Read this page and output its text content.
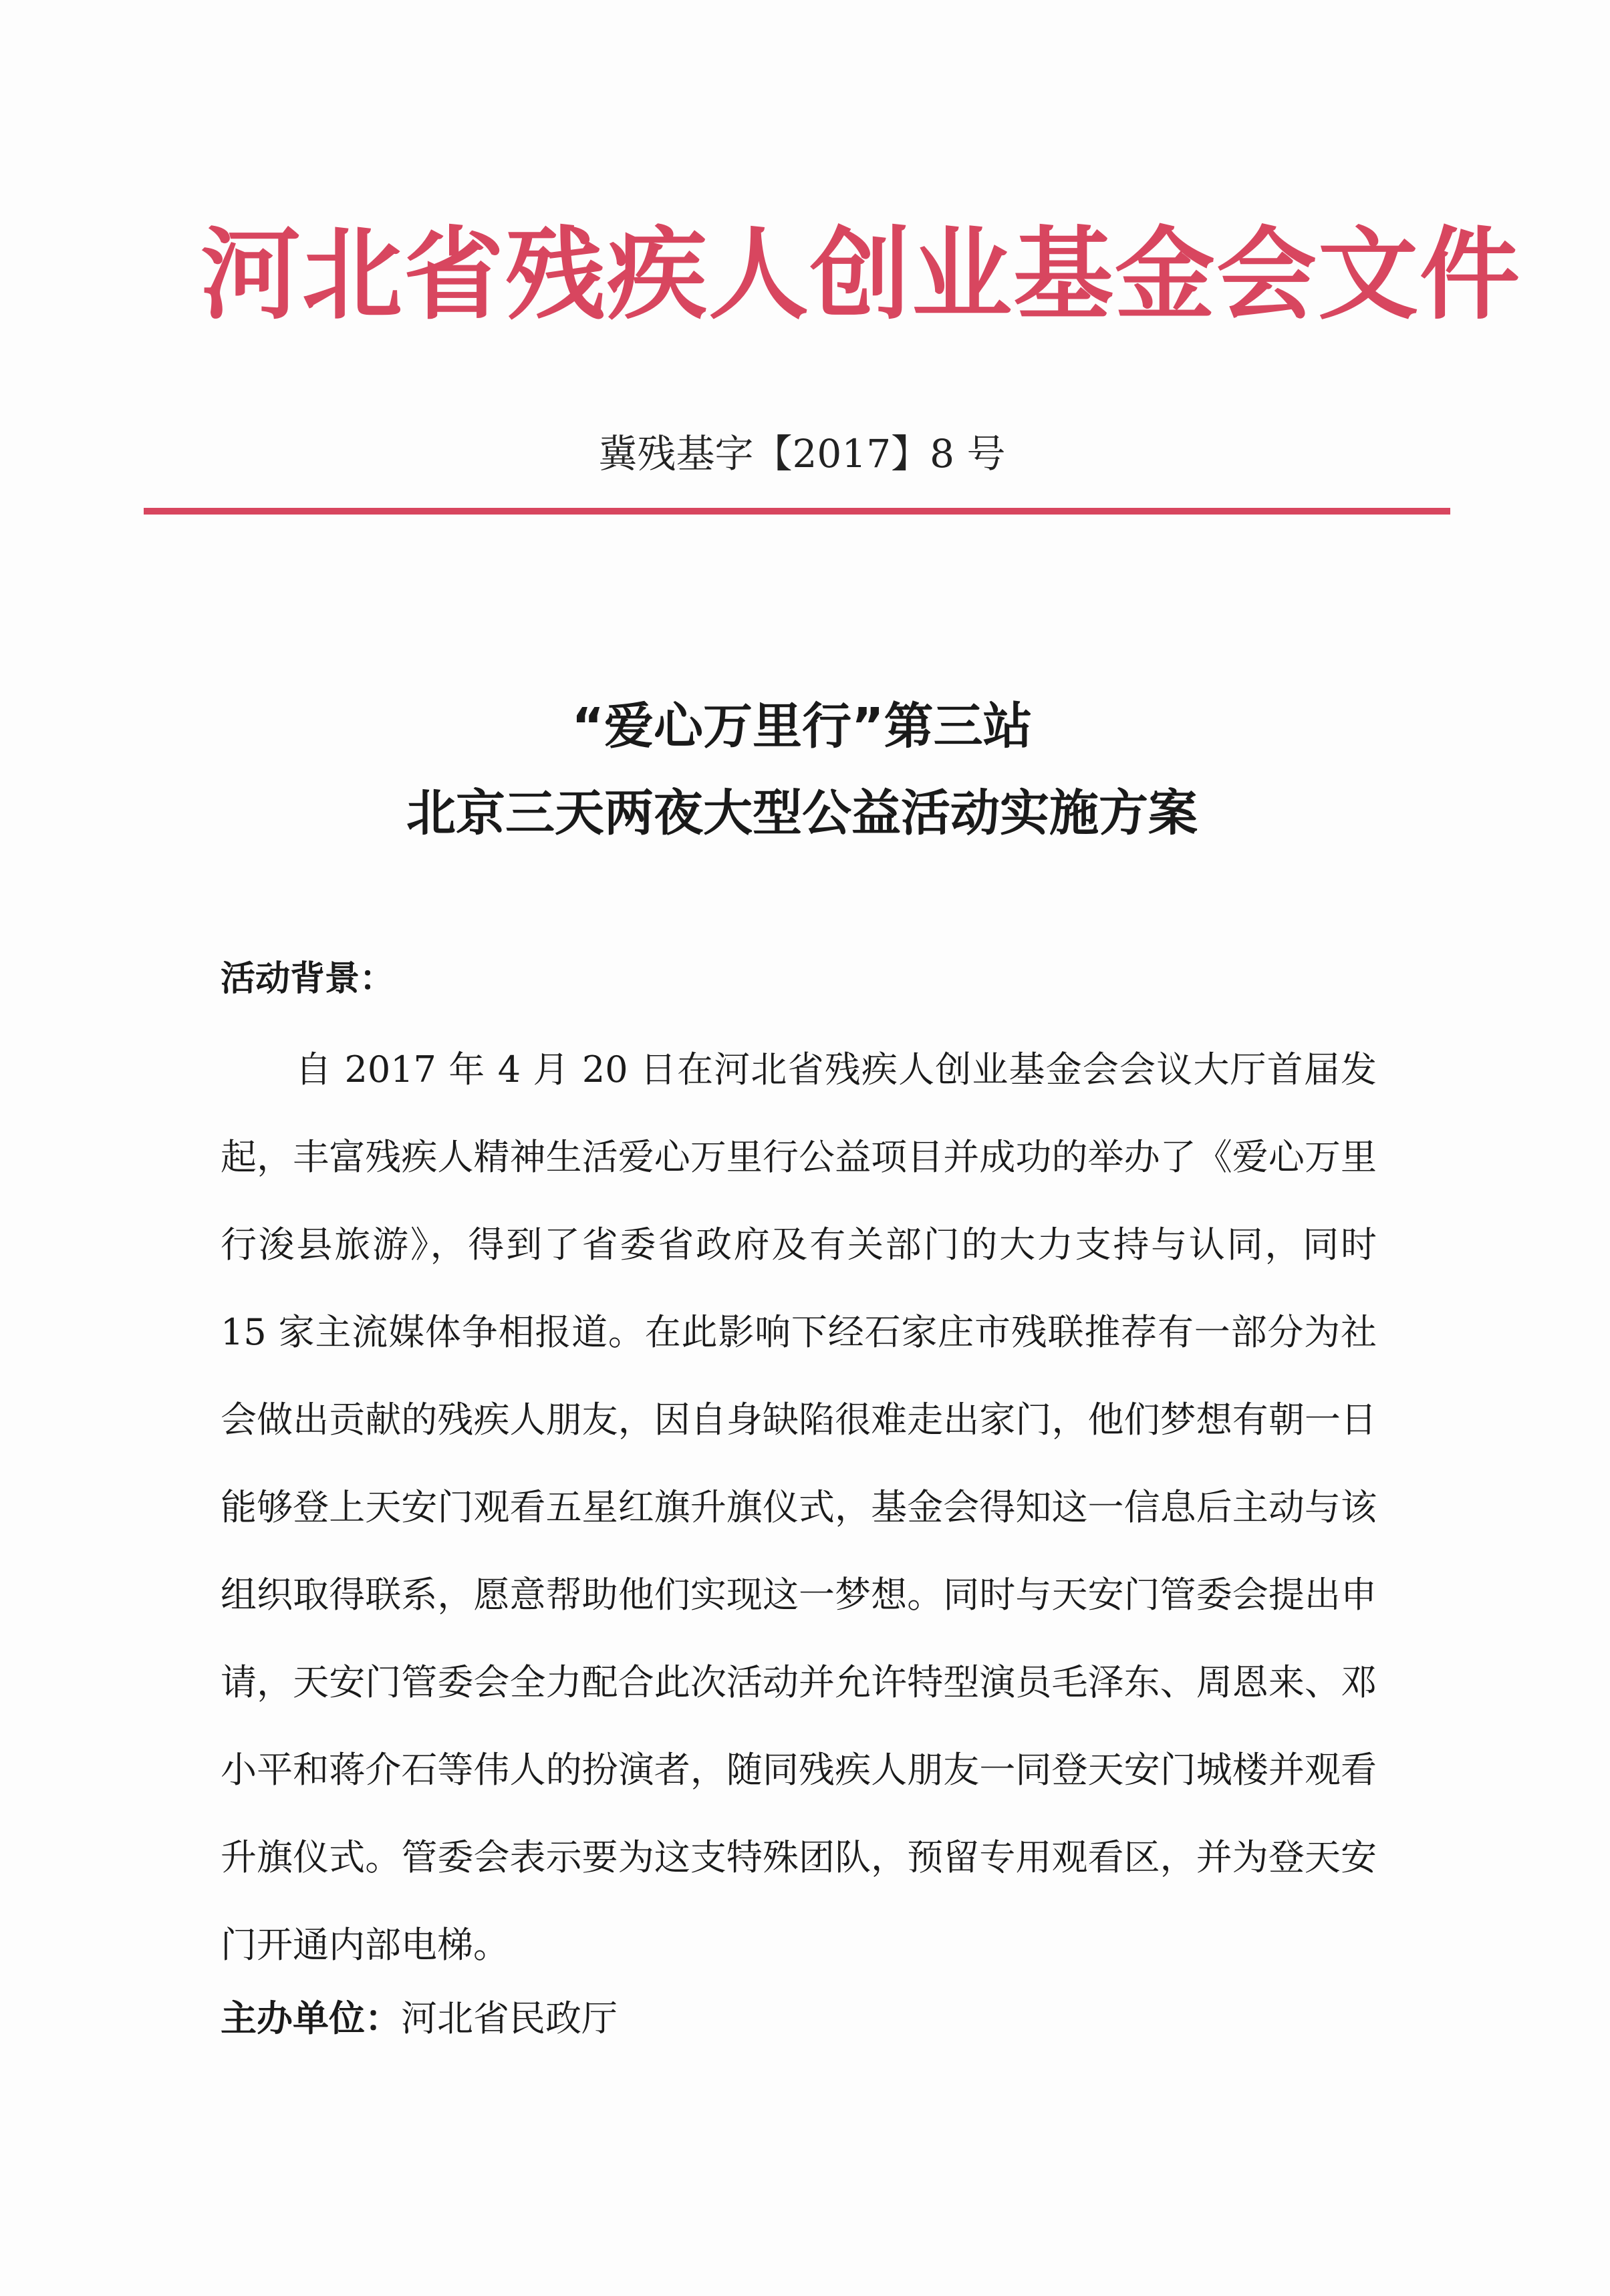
河北省残疾人创业基金会文件
冀残基字【2017】8 号
“爱心万里行”第三站
北京三天两夜大型公益活动实施方案
活动背景：
自 2017 年 4 月 20 日在河北省残疾人创业基金会会议大厅首届发起，丰富残疾人精神生活爱心万里行公益项目并成功的举办了《爱心万里行浚县旅游》，得到了省委省政府及有关部门的大力支持与认同，同时 15 家主流媒体争相报道。在此影响下经石家庄市残联推荐有一部分为社会做出贡献的残疾人朋友，因自身缺陷很难走出家门，他们梦想有朝一日能够登上天安门观看五星红旗升旗仪式，基金会得知这一信息后主动与该组织取得联系，愿意帮助他们实现这一梦想。同时与天安门管委会提出申请，天安门管委会全力配合此次活动并允许特型演员毛泽东、周恩来、邓小平和蒋介石等伟人的扮演者，随同残疾人朋友一同登天安门城楼并观看升旗仪式。管委会表示要为这支特殊团队，预留专用观看区，并为登天安门开通内部电梯。
主办单位：河北省民政厅
